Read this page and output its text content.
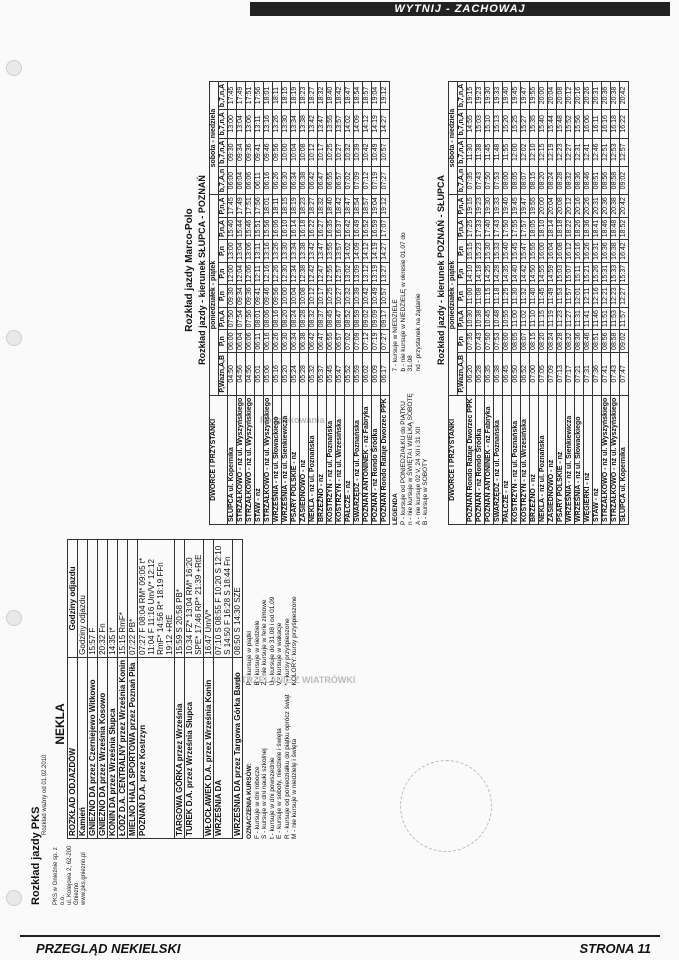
WYTNIJ - ZACHOWAJ
Podziękowania
STRZELANIE Z WIATRÓWKI
Rozkład jazdy Marco-Polo Rozkład jazdy - kierunek SŁUPCA - POZNAŃ
DWORCE I PRZYSTANKI	poniedziałek - piątek								sobota - niedziela			
	P,Ważn,A,B	P,n	P,n,A	P,n	P,n	P,n	P,n,A	P,n,A	b,7,A,n	b,7,n,A	b,7,n,A	b,7,n,A
SŁUPCA ul. Kopernika	04:50	06:00	07:50	09:30	12:00	13:00	15:40	17:45	06:00	09:30	13:00	17:45
STRZAŁKOWO - nż ul. Wyszyńskiego	04:56	06:04	07:54	09:34	12:04	13:04	15:44	17:49	06:04	09:34	13:04	17:49
STRZAŁKOWO - nż ul. Wyszyńskiego	04:56	06:06	07:56	09:36	12:06	13:06	15:46	17:51	06:06	09:36	13:06	17:51
STAW - nż	05:01	06:11	08:01	09:41	12:11	13:11	15:51	17:56	06:11	09:41	13:11	17:56
STRZAŁKOWO - nż ul. Wyszyńskiego	05:06	06:16	08:06	09:46	12:16	13:16	15:56	18:01	06:16	09:46	13:16	18:01
WRZEŚNIA - nż ul. Słowackiego	05:16	06:26	08:16	09:56	12:26	13:26	16:06	18:11	06:26	09:56	13:26	18:11
WRZEŚNIA - nż ul. Sienkiewicza	05:20	06:30	08:20	10:00	12:30	13:30	16:10	18:15	06:30	10:00	13:30	18:15
PSARY POLSKIE - nż	05:24	06:34	08:24	10:04	12:34	13:34	16:14	18:19	06:34	10:04	13:34	18:19
ZASIEDNOWO - nż	05:28	06:38	08:28	10:08	12:38	13:38	16:18	18:23	06:38	10:08	13:38	18:23
NEKLA - nż ul. Poznańska	05:32	06:42	08:32	10:12	12:42	13:42	16:22	18:27	06:42	10:12	13:42	18:27
BRZEŹNO - nż	05:37	06:47	08:37	10:17	12:47	13:47	16:27	18:32	06:47	10:17	13:47	18:32
KOSTRZYN - nż ul. Poznańska	05:45	06:55	08:45	10:25	12:55	13:55	16:35	18:40	06:55	10:25	13:55	18:40
KOSTRZYN - nż ul. Wrzesińska	05:47	06:57	08:47	10:27	12:57	13:57	16:37	18:42	06:57	10:27	13:57	18:42
PAŁCZE - nż	05:52	07:02	08:52	10:32	13:02	14:02	16:42	18:47	07:02	10:32	14:02	18:47
SWARZĘDZ - nż ul. Poznańska	05:59	07:09	08:59	10:39	13:09	14:09	16:49	18:54	07:09	10:39	14:09	18:54
POZNAŃ ANTONINEK - nż Fabryka	06:02	07:12	09:02	10:42	13:12	14:12	16:52	18:57	07:12	10:42	14:12	18:57
POZNAŃ - nż Rondo Śródka	06:09	07:19	09:09	10:49	13:19	14:19	16:59	19:04	07:19	10:49	14:19	19:04
POZNAŃ Rondo Rataje Dworzec PPK	06:17	07:27	09:17	10:57	13:27	14:27	17:07	19:12	07:27	10:57	14:27	19:12
LEGENDA P - kursuje od PONIEDZIAŁKU do PIĄTKU n - nie kursuje w ŚWIĘTA i WIELKĄ SOBOTĘ A - nie kursuje 02 V, 24 XII i 31 XII B - kursuje w SOBOTY
7 - kursuje w NIEDZIELE b - nie kursuje w NIEDZIELĘ w okresie 01.07 do 31.08 nd - przystanek na żądanie Rozkład jazdy - kierunek POZNAŃ - SŁUPCA
DWORCE I PRZYSTANKI	poniedziałek - piątek								sobota - niedziela			
	P,Ważn,A,B	P,n	P,n,A	P,n	P,n	P,n	P,n,A	P,n,A	b,7,A,n	b,7,n,A	b,7,n,A	b,7,n,A
POZNAŃ Rondo Rataje Dworzec PPK	06:20	07:35	10:30	11:00	14:10	15:15	17:25	19:15	07:35	11:30	14:55	19:15
POZNAŃ - nż Rondo Śródka	06:28	07:43	10:38	11:08	14:18	15:23	17:33	19:23	07:43	11:38	15:03	19:23
POZNAŃ ANTONINEK - nż Fabryka	06:35	07:50	10:45	11:15	14:25	15:30	17:40	19:30	07:50	11:45	15:10	19:30
SWARZĘDZ - nż ul. Poznańska	06:38	07:53	10:48	11:18	14:28	15:33	17:43	19:33	07:53	11:48	15:13	19:33
PAŁCZE - nż	06:45	08:00	10:55	11:25	14:35	15:40	17:50	19:40	08:00	11:55	15:20	19:40
KOSTRZYN - nż ul. Poznańska	06:50	08:05	11:00	11:30	14:40	15:45	17:55	19:45	08:05	12:00	15:25	19:45
KOSTRZYN - nż ul. Wrzesińska	06:52	08:07	11:02	11:32	14:42	15:47	17:57	19:47	08:07	12:02	15:27	19:47
BRZEŹNO - nż	07:00	08:15	11:10	11:40	14:50	15:55	18:05	19:55	08:15	12:10	15:35	19:55
NEKLA - nż ul. Poznańska	07:05	08:20	11:15	11:45	14:55	16:00	18:10	20:00	08:20	12:15	15:40	20:00
ZASIEDNOWO - nż	07:09	08:24	11:19	11:49	14:59	16:04	18:14	20:04	08:24	12:19	15:44	20:04
PSARY POLSKIE - nż	07:13	08:28	11:23	11:53	15:03	16:08	18:18	20:08	08:28	12:23	15:48	20:08
WRZEŚNIA - nż ul. Sienkiewicza	07:17	08:32	11:27	11:57	15:07	16:12	18:22	20:12	08:32	12:27	15:52	20:12
WRZEŚNIA - nż ul. Słowackiego	07:21	08:36	11:31	12:01	15:11	16:16	18:26	20:16	08:36	12:31	15:56	20:16
WĘGIERKI - nż	07:31	08:46	11:41	12:11	15:21	16:26	18:36	20:26	08:46	12:41	16:06	20:26
STAW - nż	07:36	08:51	11:46	12:16	15:26	16:31	18:41	20:31	08:51	12:46	16:11	20:31
STRZAŁKOWO - nż ul. Wyszyńskiego	07:41	08:56	11:51	12:21	15:31	16:36	18:46	20:36	08:56	12:51	16:16	20:36
STRZAŁKOWO - nż ul. Wyszyńskiego	07:43	08:58	11:53	12:23	15:33	16:38	18:48	20:38	08:58	12:53	16:18	20:38
SŁUPCA ul. Kopernika	07:47	09:02	11:57	12:27	15:37	16:42	18:52	20:42	09:02	12:57	16:22	20:42
Rozkład jazdy PKS
Rozkład ważny od 01.02.2010
PKS w Gnieźnie sp. z o.o. ul. Kolejowa 2, 62-200 Gniezno www.pks.gniezno.pl
NEKLA
ROZKŁAD ODJAZDÓW	Godziny odjazdu
Kamień	Godziny odjazdu
GNIEZNO DA przez Czerniejewo Witkowo	15:57 F
GNIEZNO DA przez Września Kosowo	20:32 Fn
KONIN DA przez Września Słupca	14:35 t*
ŁÓDŹ D.A. CENTRALNY przez Września Konin	15:15 RmF*
MIELNO HALA SPORTOWA przez Poznań Piła	07:22 PB*
POZNAŃ D.A. przez Kostrzyn	07:27 F 08:04 RM* 09:05 t* 11:04 F 11:16 Um/V* 12:12 RmF* 14:56 R* 18:19 FFn 19:12 +RtE
TARGOWA GÓRKA przez Września	15:59 S 20:58 PB*
TUREK D.A. przez Września Słupca	10:34 FZ* 13:04 RM* 16:20 SPE* 17:46 RP* 21:39 +RtE
WŁOCŁAWEK D.A. przez Września Konin	16:47 Um/V*
WRZEŚNIA DA	07:10 S 08:55 F 10:20 S 12:10 S 14:50 F 16:28 S 18:44 Fn
WRZEŚNIA DA przez Targowa Górka Bardo	08:50 S 14:30 SZE
OZNACZENIA KURSÓW: F - kursuje w dni robocze S - kursuje w dni nauki szkolnej t - kursuje w dni powszednie E - kursuje w soboty, niedziele i święta R - kursuje od poniedziałku do piątku oprócz świąt M - nie kursuje w niedzielę i święta
P - kursuje w piątki B - kursuje w niedziele Z - nie kursuje w ferie zimowe U - kursuje do 31.08 i od 01.09 V - kursuje w wakacje * - kursy przyśpieszone KOLORY: kursy przyśpieszone
PRZEGLĄD NEKIELSKI	STRONA 11
